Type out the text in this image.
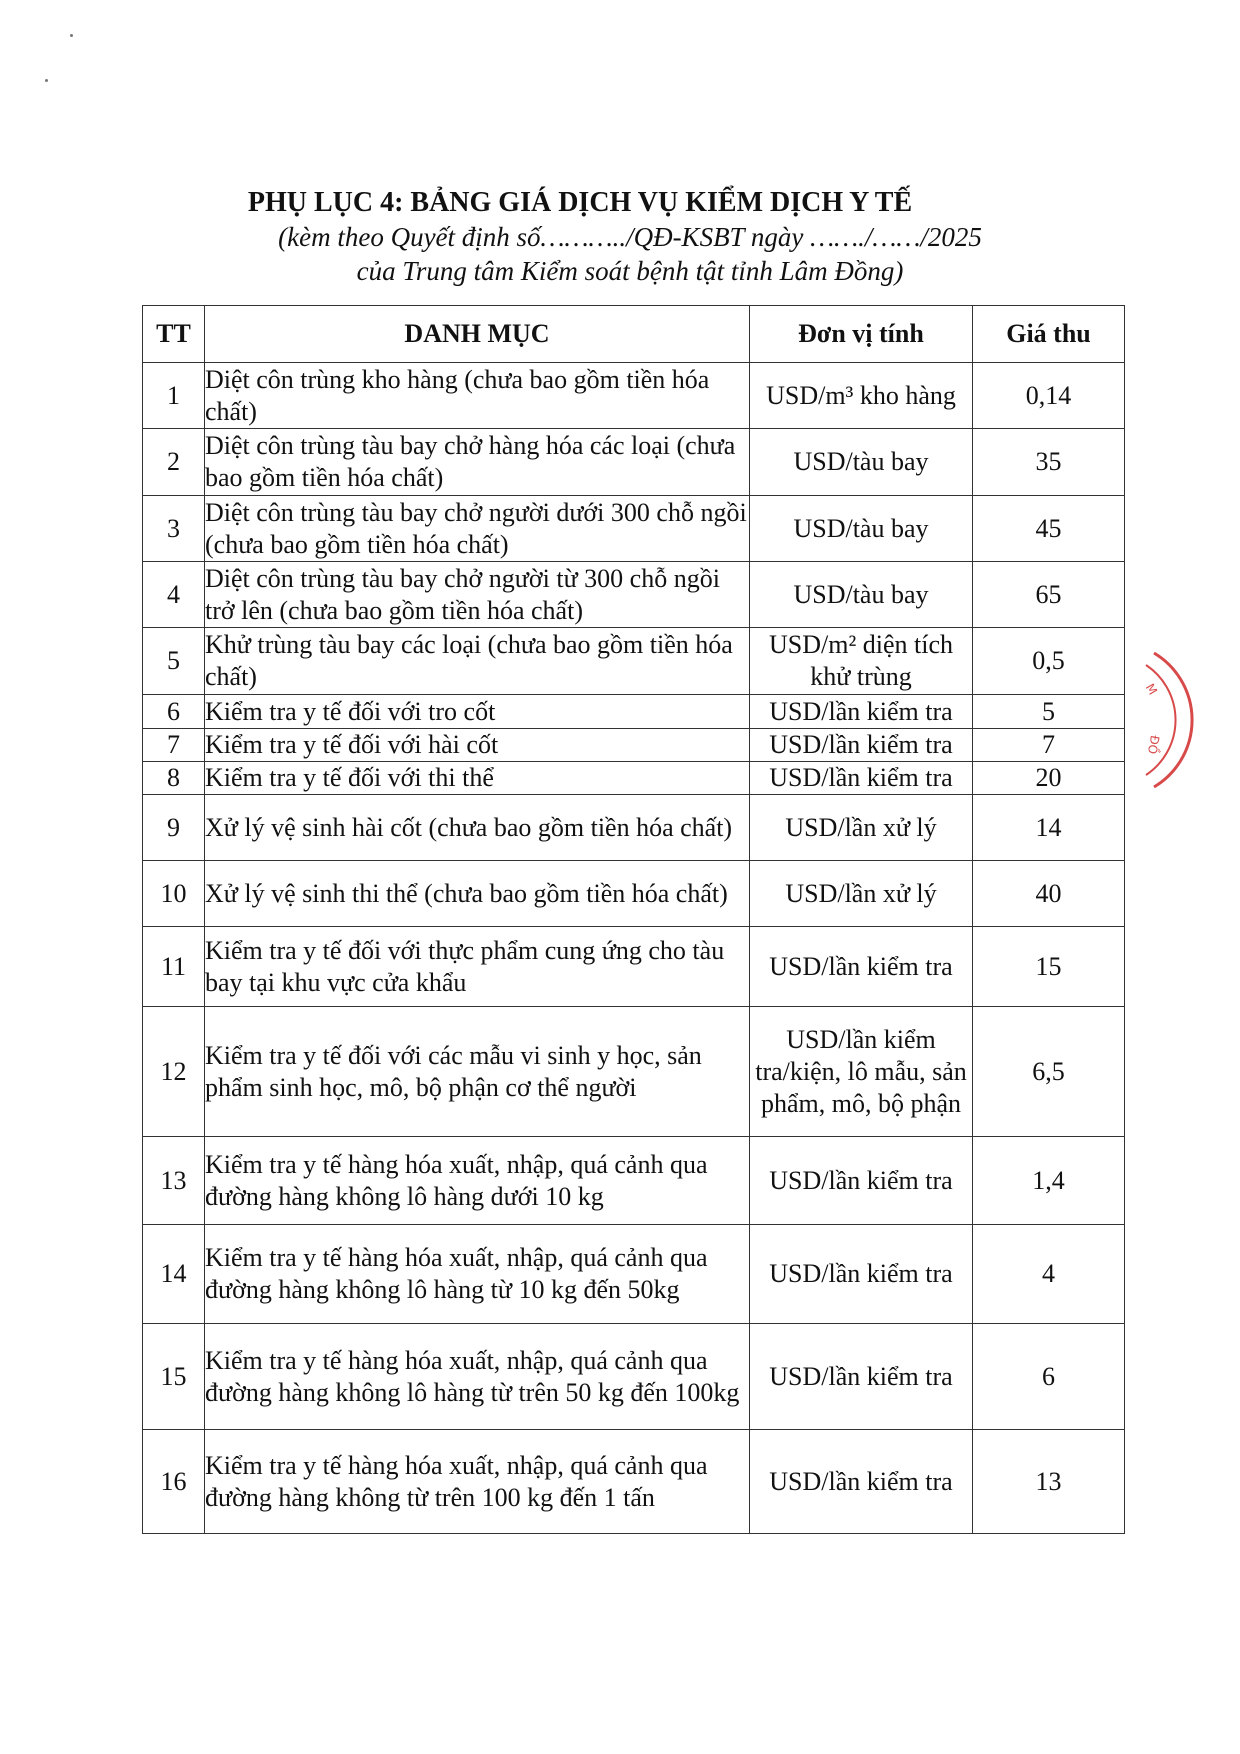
PHỤ LỤC 4: BẢNG GIÁ DỊCH VỤ KIỂM DỊCH Y TẾ
(kèm theo Quyết định số………../QĐ-KSBT ngày ……./……/2025
của Trung tâm Kiểm soát bệnh tật tỉnh Lâm Đồng)
TT	DANH MỤC	Đơn vị tính	Giá thu
1	Diệt côn trùng kho hàng (chưa bao gồm tiền hóa chất)	USD/m³ kho hàng	0,14
2	Diệt côn trùng tàu bay chở hàng hóa các loại (chưa bao gồm tiền hóa chất)	USD/tàu bay	35
3	Diệt côn trùng tàu bay chở người dưới 300 chỗ ngồi (chưa bao gồm tiền hóa chất)	USD/tàu bay	45
4	Diệt côn trùng tàu bay chở người từ 300 chỗ ngồi trở lên (chưa bao gồm tiền hóa chất)	USD/tàu bay	65
5	Khử trùng tàu bay các loại (chưa bao gồm tiền hóa chất)	USD/m² diện tích khử trùng	0,5
6	Kiểm tra y tế đối với tro cốt	USD/lần kiểm tra	5
7	Kiểm tra y tế đối với hài cốt	USD/lần kiểm tra	7
8	Kiểm tra y tế đối với thi thể	USD/lần kiểm tra	20
9	Xử lý vệ sinh hài cốt (chưa bao gồm tiền hóa chất)	USD/lần xử lý	14
10	Xử lý vệ sinh thi thể (chưa bao gồm tiền hóa chất)	USD/lần xử lý	40
11	Kiểm tra y tế đối với thực phẩm cung ứng cho tàu bay tại khu vực cửa khẩu	USD/lần kiểm tra	15
12	Kiểm tra y tế đối với các mẫu vi sinh y học, sản phẩm sinh học, mô, bộ phận cơ thể người	USD/lần kiểm tra/kiện, lô mẫu, sản phẩm, mô, bộ phận	6,5
13	Kiểm tra y tế hàng hóa xuất, nhập, quá cảnh qua đường hàng không lô hàng dưới 10 kg	USD/lần kiểm tra	1,4
14	Kiểm tra y tế hàng hóa xuất, nhập, quá cảnh qua đường hàng không lô hàng từ 10 kg đến 50kg	USD/lần kiểm tra	4
15	Kiểm tra y tế hàng hóa xuất, nhập, quá cảnh qua đường hàng không lô hàng từ trên 50 kg đến 100kg	USD/lần kiểm tra	6
16	Kiểm tra y tế hàng hóa xuất, nhập, quá cảnh qua đường hàng không từ trên 100 kg đến 1 tấn	USD/lần kiểm tra	13
M
ĐỒ
